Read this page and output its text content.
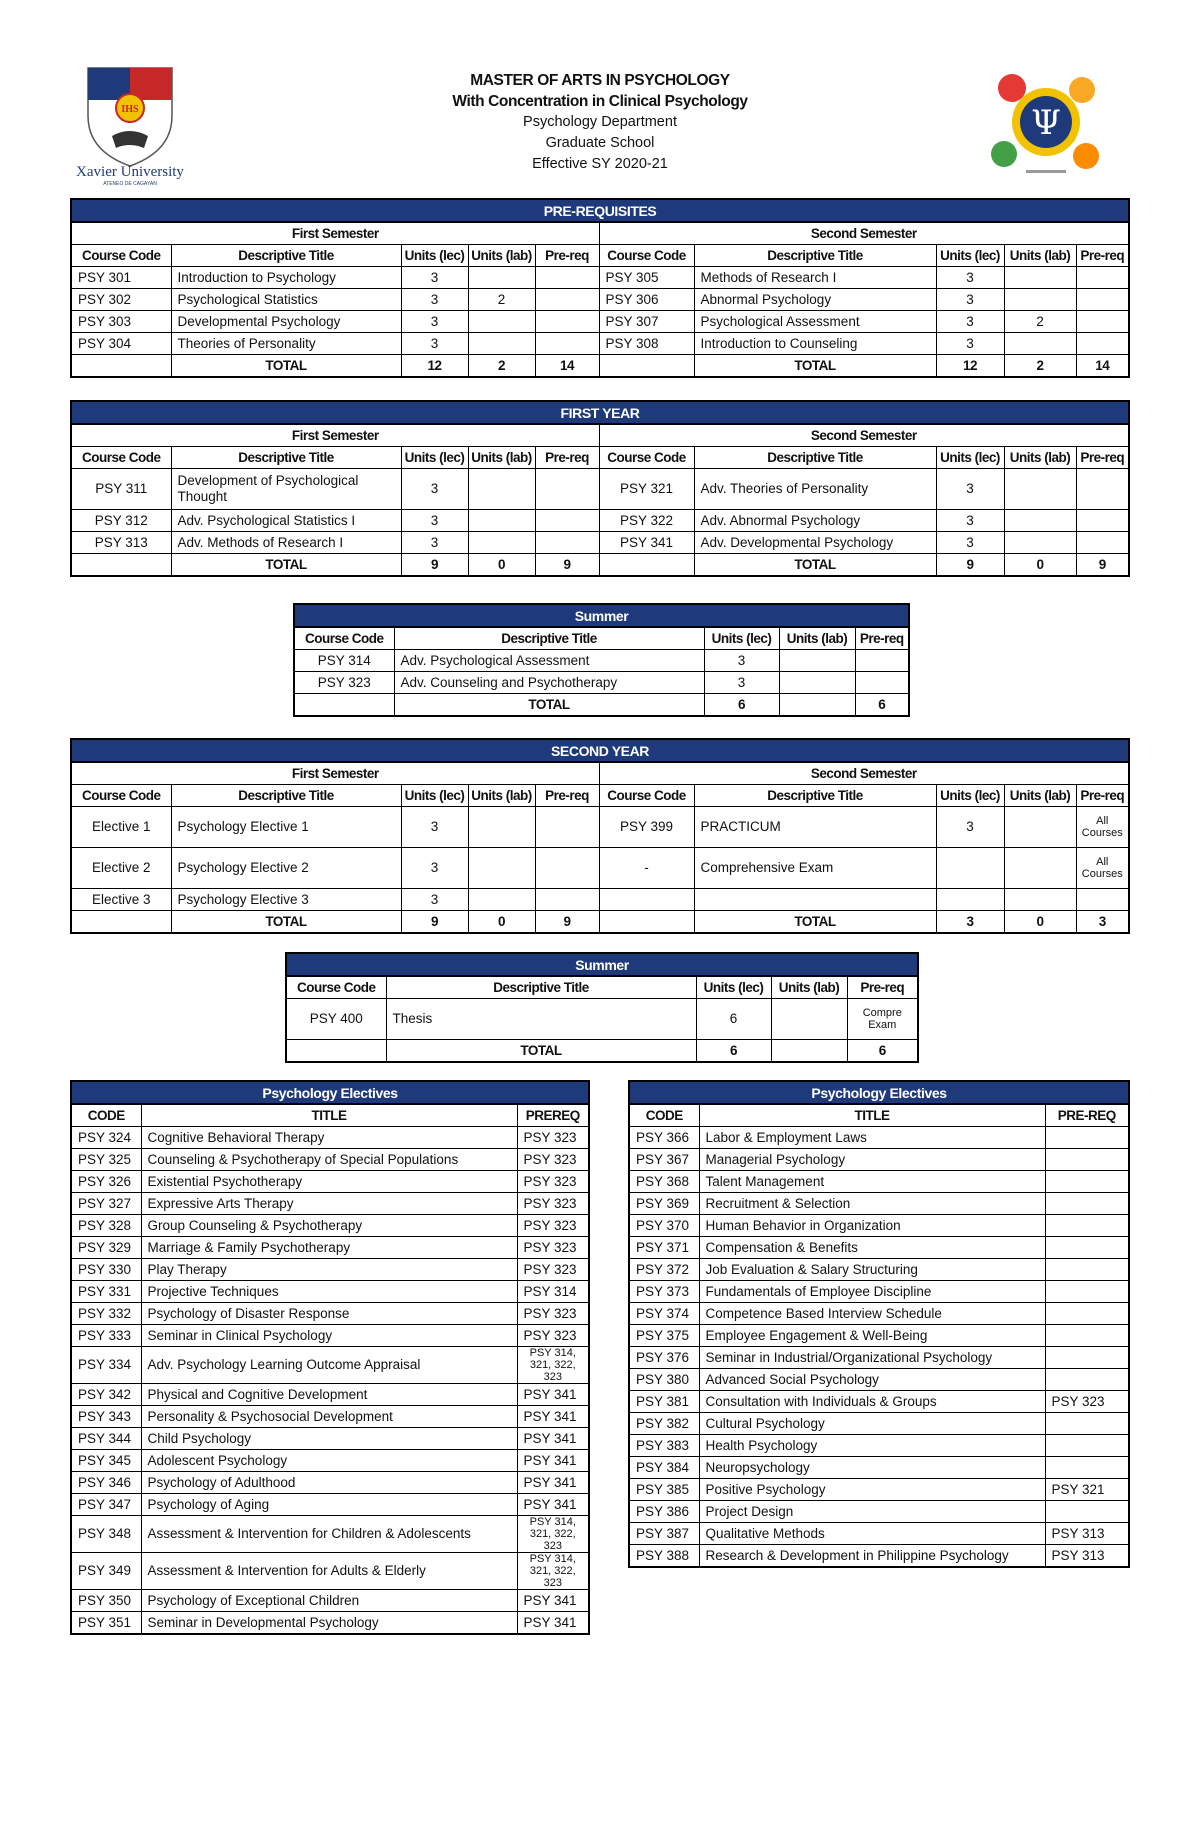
IHS
Xavier University
ATENEO DE CAGAYAN
Ψ
MASTER OF ARTS IN PSYCHOLOGY
With Concentration in Clinical Psychology
Psychology Department
Graduate School
Effective SY 2020-21
PRE-REQUISITES									
First Semester					Second Semester				
Course Code	Descriptive Title	Units (lec)	Units (lab)	Pre-req	Course Code	Descriptive Title	Units (lec)	Units (lab)	Pre-req
PSY 301	Introduction to Psychology	3			PSY 305	Methods of Research I	3		
PSY 302	Psychological Statistics	3	2		PSY 306	Abnormal Psychology	3		
PSY 303	Developmental Psychology	3			PSY 307	Psychological Assessment	3	2	
PSY 304	Theories of Personality	3			PSY 308	Introduction to Counseling	3		
	TOTAL	12	2	14		TOTAL	12	2	14
FIRST YEAR									
First Semester					Second Semester				
Course Code	Descriptive Title	Units (lec)	Units (lab)	Pre-req	Course Code	Descriptive Title	Units (lec)	Units (lab)	Pre-req
PSY 311	Development of Psychological Thought	3			PSY 321	Adv. Theories of Personality	3		
PSY 312	Adv. Psychological Statistics I	3			PSY 322	Adv. Abnormal Psychology	3		
PSY 313	Adv. Methods of Research I	3			PSY 341	Adv. Developmental Psychology	3		
	TOTAL	9	0	9		TOTAL	9	0	9
Summer				
Course Code	Descriptive Title	Units (lec)	Units (lab)	Pre-req
PSY 314	Adv. Psychological Assessment	3		
PSY 323	Adv. Counseling and Psychotherapy	3		
	TOTAL	6		6
SECOND YEAR									
First Semester					Second Semester				
Course Code	Descriptive Title	Units (lec)	Units (lab)	Pre-req	Course Code	Descriptive Title	Units (lec)	Units (lab)	Pre-req
Elective 1	Psychology Elective 1	3			PSY 399	PRACTICUM	3		All Courses
Elective 2	Psychology Elective 2	3			-	Comprehensive Exam			All Courses
Elective 3	Psychology Elective 3	3							
	TOTAL	9	0	9		TOTAL	3	0	3
Summer				
Course Code	Descriptive Title	Units (lec)	Units (lab)	Pre-req
PSY 400	Thesis	6		Compre Exam
	TOTAL	6		6
Psychology Electives		
CODE	TITLE	PREREQ
PSY 324	Cognitive Behavioral Therapy	PSY 323
PSY 325	Counseling & Psychotherapy of Special Populations	PSY 323
PSY 326	Existential Psychotherapy	PSY 323
PSY 327	Expressive Arts Therapy	PSY 323
PSY 328	Group Counseling & Psychotherapy	PSY 323
PSY 329	Marriage & Family Psychotherapy	PSY 323
PSY 330	Play Therapy	PSY 323
PSY 331	Projective Techniques	PSY 314
PSY 332	Psychology of Disaster Response	PSY 323
PSY 333	Seminar in Clinical Psychology	PSY 323
PSY 334	Adv. Psychology Learning Outcome Appraisal	PSY 314, 321, 322, 323
PSY 342	Physical and Cognitive Development	PSY 341
PSY 343	Personality & Psychosocial Development	PSY 341
PSY 344	Child Psychology	PSY 341
PSY 345	Adolescent Psychology	PSY 341
PSY 346	Psychology of Adulthood	PSY 341
PSY 347	Psychology of Aging	PSY 341
PSY 348	Assessment & Intervention for Children & Adolescents	PSY 314, 321, 322, 323
PSY 349	Assessment & Intervention for Adults & Elderly	PSY 314, 321, 322, 323
PSY 350	Psychology of Exceptional Children	PSY 341
PSY 351	Seminar in Developmental Psychology	PSY 341
Psychology Electives		
CODE	TITLE	PRE-REQ
PSY 366	Labor & Employment Laws	
PSY 367	Managerial Psychology	
PSY 368	Talent Management	
PSY 369	Recruitment & Selection	
PSY 370	Human Behavior in Organization	
PSY 371	Compensation & Benefits	
PSY 372	Job Evaluation & Salary Structuring	
PSY 373	Fundamentals of Employee Discipline	
PSY 374	Competence Based Interview Schedule	
PSY 375	Employee Engagement & Well-Being	
PSY 376	Seminar in Industrial/Organizational Psychology	
PSY 380	Advanced Social Psychology	
PSY 381	Consultation with Individuals & Groups	PSY 323
PSY 382	Cultural Psychology	
PSY 383	Health Psychology	
PSY 384	Neuropsychology	
PSY 385	Positive Psychology	PSY 321
PSY 386	Project Design	
PSY 387	Qualitative Methods	PSY 313
PSY 388	Research & Development in Philippine Psychology	PSY 313
